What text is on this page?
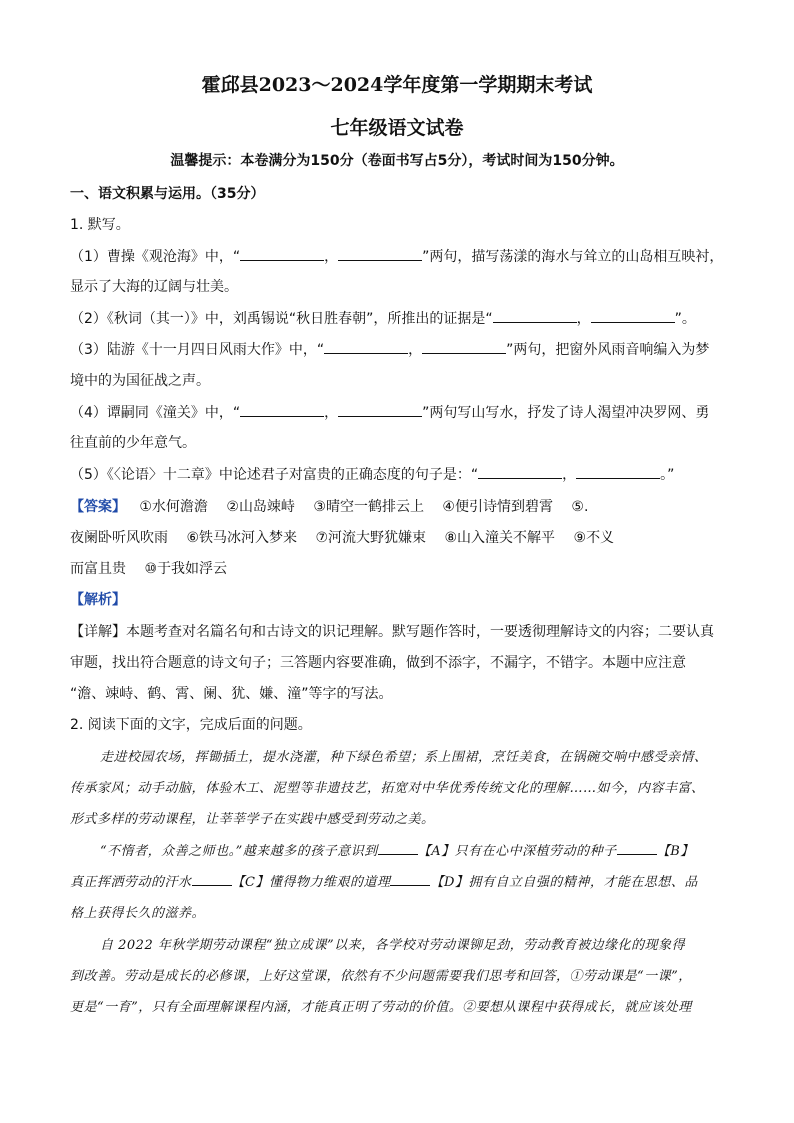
霍邱县2023～2024学年度第一学期期末考试
七年级语文试卷
温馨提示：本卷满分为150分（卷面书写占5分），考试时间为150分钟。
一、语文积累与运用。（35分）
1. 默写。
（1）曹操《观沧海》中，“	，	”两句，描写荡漾的海水与耸立的山岛相互映衬，
显示了大海的辽阔与壮美。
（2）《秋词（其一）》中，刘禹锡说“秋日胜春朝”，所推出的证据是“	，	”。
（3）陆游《十一月四日风雨大作》中，“	，	”两句，把窗外风雨音响编入为梦
境中的为国征战之声。
（4）谭嗣同《潼关》中，“	，	”两句写山写水，抒发了诗人渴望冲决罗网、勇
往直前的少年意气。
（5）《〈论语〉十二章》中论述君子对富贵的正确态度的句子是：“	，	。”
【答案】 ①水何澹澹 ②山岛竦峙 ③晴空一鹤排云上 ④便引诗情到碧霄 ⑤.
夜阑卧听风吹雨 ⑥铁马冰河入梦来 ⑦河流大野犹嫌束 ⑧山入潼关不解平 ⑨不义
而富且贵 ⑩于我如浮云
【解析】
【详解】本题考查对名篇名句和古诗文的识记理解。默写题作答时，一要透彻理解诗文的内容；二要认真
审题，找出符合题意的诗文句子；三答题内容要准确，做到不添字，不漏字，不错字。本题中应注意
“澹、竦峙、鹤、霄、阑、犹、嫌、潼”等字的写法。
2. 阅读下面的文字，完成后面的问题。
走进校园农场，挥锄插土，提水浇灌，种下绿色希望；系上围裙，烹饪美食，在锅碗交响中感受亲情、
传承家风；动手动脑，体验木工、泥塑等非遗技艺，拓宽对中华优秀传统文化的理解……如今，内容丰富、
形式多样的劳动课程，让莘莘学子在实践中感受到劳动之美。
“不惰者，众善之师也。”越来越多的孩子意识到	【A】只有在心中深植劳动的种子	【B】
真正挥洒劳动的汗水	【C】懂得物力维艰的道理	【D】拥有自立自强的精神，才能在思想、品
格上获得长久的滋养。
自 2022 年秋学期劳动课程“独立成课”以来，各学校对劳动课铆足劲，劳动教育被边缘化的现象得
到改善。劳动是成长的必修课，上好这堂课，依然有不少问题需要我们思考和回答，①劳动课是“一课”，
更是“一育”，只有全面理解课程内涵，才能真正明了劳动的价值。②要想从课程中获得成长，就应该处理
